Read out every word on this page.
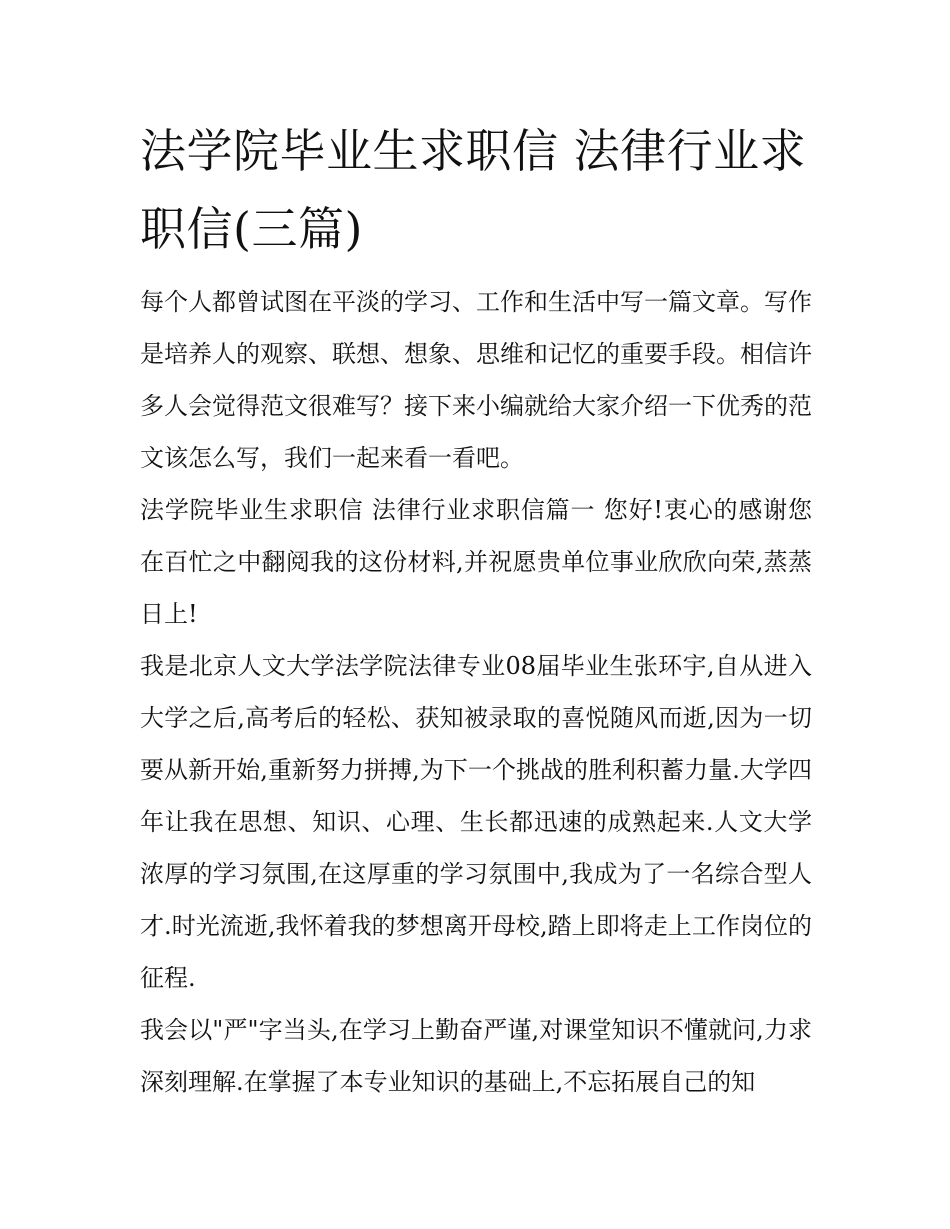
法学院毕业生求职信 法律行业求职信(三篇)

每个人都曾试图在平淡的学习、工作和生活中写一篇文章。写作是培养人的观察、联想、想象、思维和记忆的重要手段。相信许多人会觉得范文很难写？接下来小编就给大家介绍一下优秀的范文该怎么写，我们一起来看一看吧。

法学院毕业生求职信 法律行业求职信篇一 您好!衷心的感谢您在百忙之中翻阅我的这份材料,并祝愿贵单位事业欣欣向荣,蒸蒸日上!

我是北京人文大学法学院法律专业08届毕业生张环宇,自从进入大学之后,高考后的轻松、获知被录取的喜悦随风而逝,因为一切要从新开始,重新努力拼搏,为下一个挑战的胜利积蓄力量.大学四年让我在思想、知识、心理、生长都迅速的成熟起来.人文大学浓厚的学习氛围,在这厚重的学习氛围中,我成为了一名综合型人才.时光流逝,我怀着我的梦想离开母校,踏上即将走上工作岗位的征程.

我会以"严"字当头,在学习上勤奋严谨,对课堂知识不懂就问,力求深刻理解.在掌握了本专业知识的基础上,不忘拓展自己的知
